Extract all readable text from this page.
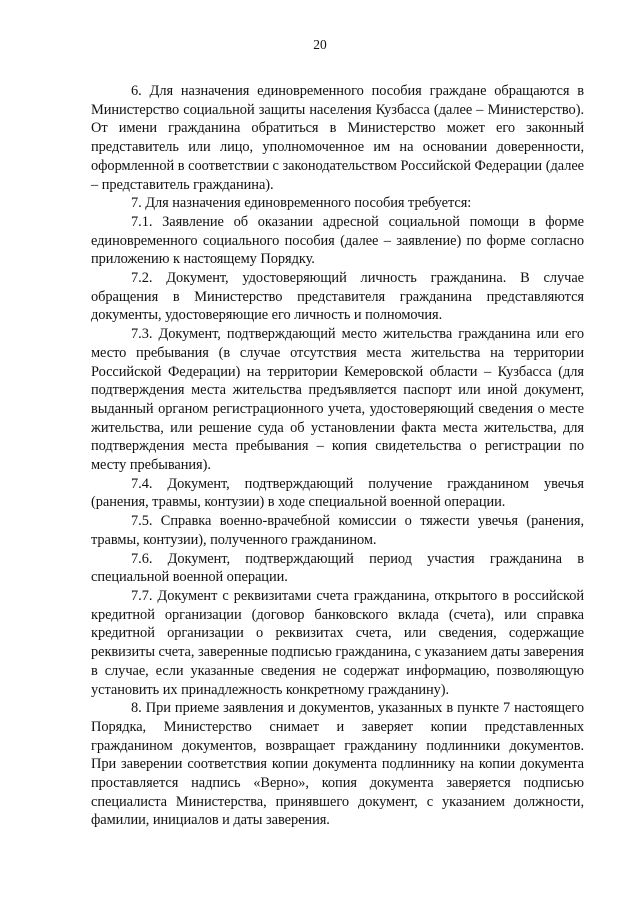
20

6. Для назначения единовременного пособия граждане обращаются в Министерство социальной защиты населения Кузбасса (далее – Министерство). От имени гражданина обратиться в Министерство может его законный представитель или лицо, уполномоченное им на основании доверенности, оформленной в соответствии с законодательством Российской Федерации (далее – представитель гражданина).

7. Для назначения единовременного пособия требуется:

7.1. Заявление об оказании адресной социальной помощи в форме единовременного социального пособия (далее – заявление) по форме согласно приложению к настоящему Порядку.

7.2. Документ, удостоверяющий личность гражданина. В случае обращения в Министерство представителя гражданина представляются документы, удостоверяющие его личность и полномочия.

7.3. Документ, подтверждающий место жительства гражданина или его место пребывания (в случае отсутствия места жительства на территории Российской Федерации) на территории Кемеровской области – Кузбасса (для подтверждения места жительства предъявляется паспорт или иной документ, выданный органом регистрационного учета, удостоверяющий сведения о месте жительства, или решение суда об установлении факта места жительства, для подтверждения места пребывания – копия свидетельства о регистрации по месту пребывания).

7.4. Документ, подтверждающий получение гражданином увечья (ранения, травмы, контузии) в ходе специальной военной операции.

7.5. Справка военно-врачебной комиссии о тяжести увечья (ранения, травмы, контузии), полученного гражданином.

7.6. Документ, подтверждающий период участия гражданина в специальной военной операции.

7.7. Документ с реквизитами счета гражданина, открытого в российской кредитной организации (договор банковского вклада (счета), или справка кредитной организации о реквизитах счета, или сведения, содержащие реквизиты счета, заверенные подписью гражданина, с указанием даты заверения в случае, если указанные сведения не содержат информацию, позволяющую установить их принадлежность конкретному гражданину).

8. При приеме заявления и документов, указанных в пункте 7 настоящего Порядка, Министерство снимает и заверяет копии представленных гражданином документов, возвращает гражданину подлинники документов. При заверении соответствия копии документа подлиннику на копии документа проставляется надпись «Верно», копия документа заверяется подписью специалиста Министерства, принявшего документ, с указанием должности, фамилии, инициалов и даты заверения.
